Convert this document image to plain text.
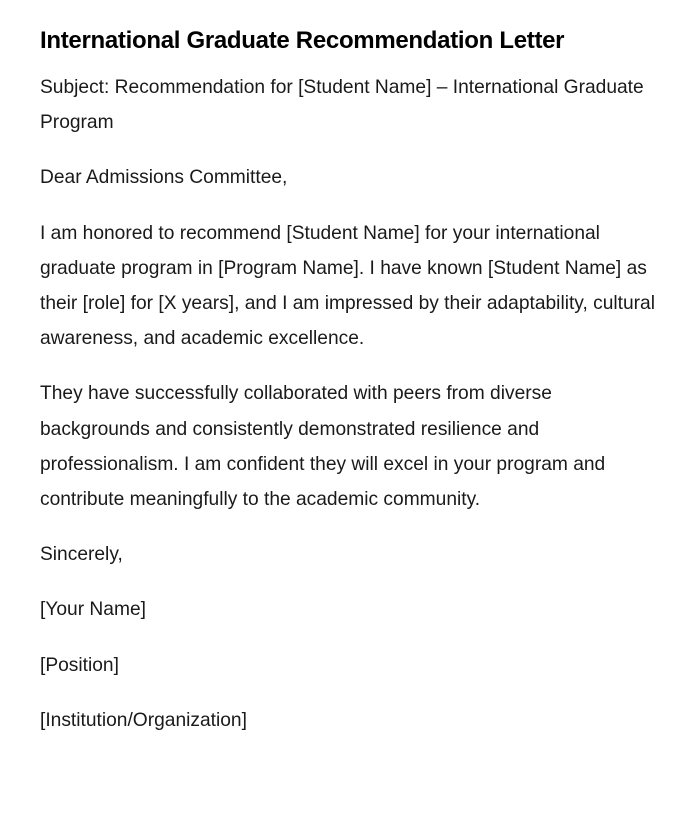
International Graduate Recommendation Letter

Subject: Recommendation for [Student Name] – International Graduate Program

Dear Admissions Committee,

I am honored to recommend [Student Name] for your international graduate program in [Program Name]. I have known [Student Name] as their [role] for [X years], and I am impressed by their adaptability, cultural awareness, and academic excellence.

They have successfully collaborated with peers from diverse backgrounds and consistently demonstrated resilience and professionalism. I am confident they will excel in your program and contribute meaningfully to the academic community.

Sincerely,

[Your Name]

[Position]

[Institution/Organization]
